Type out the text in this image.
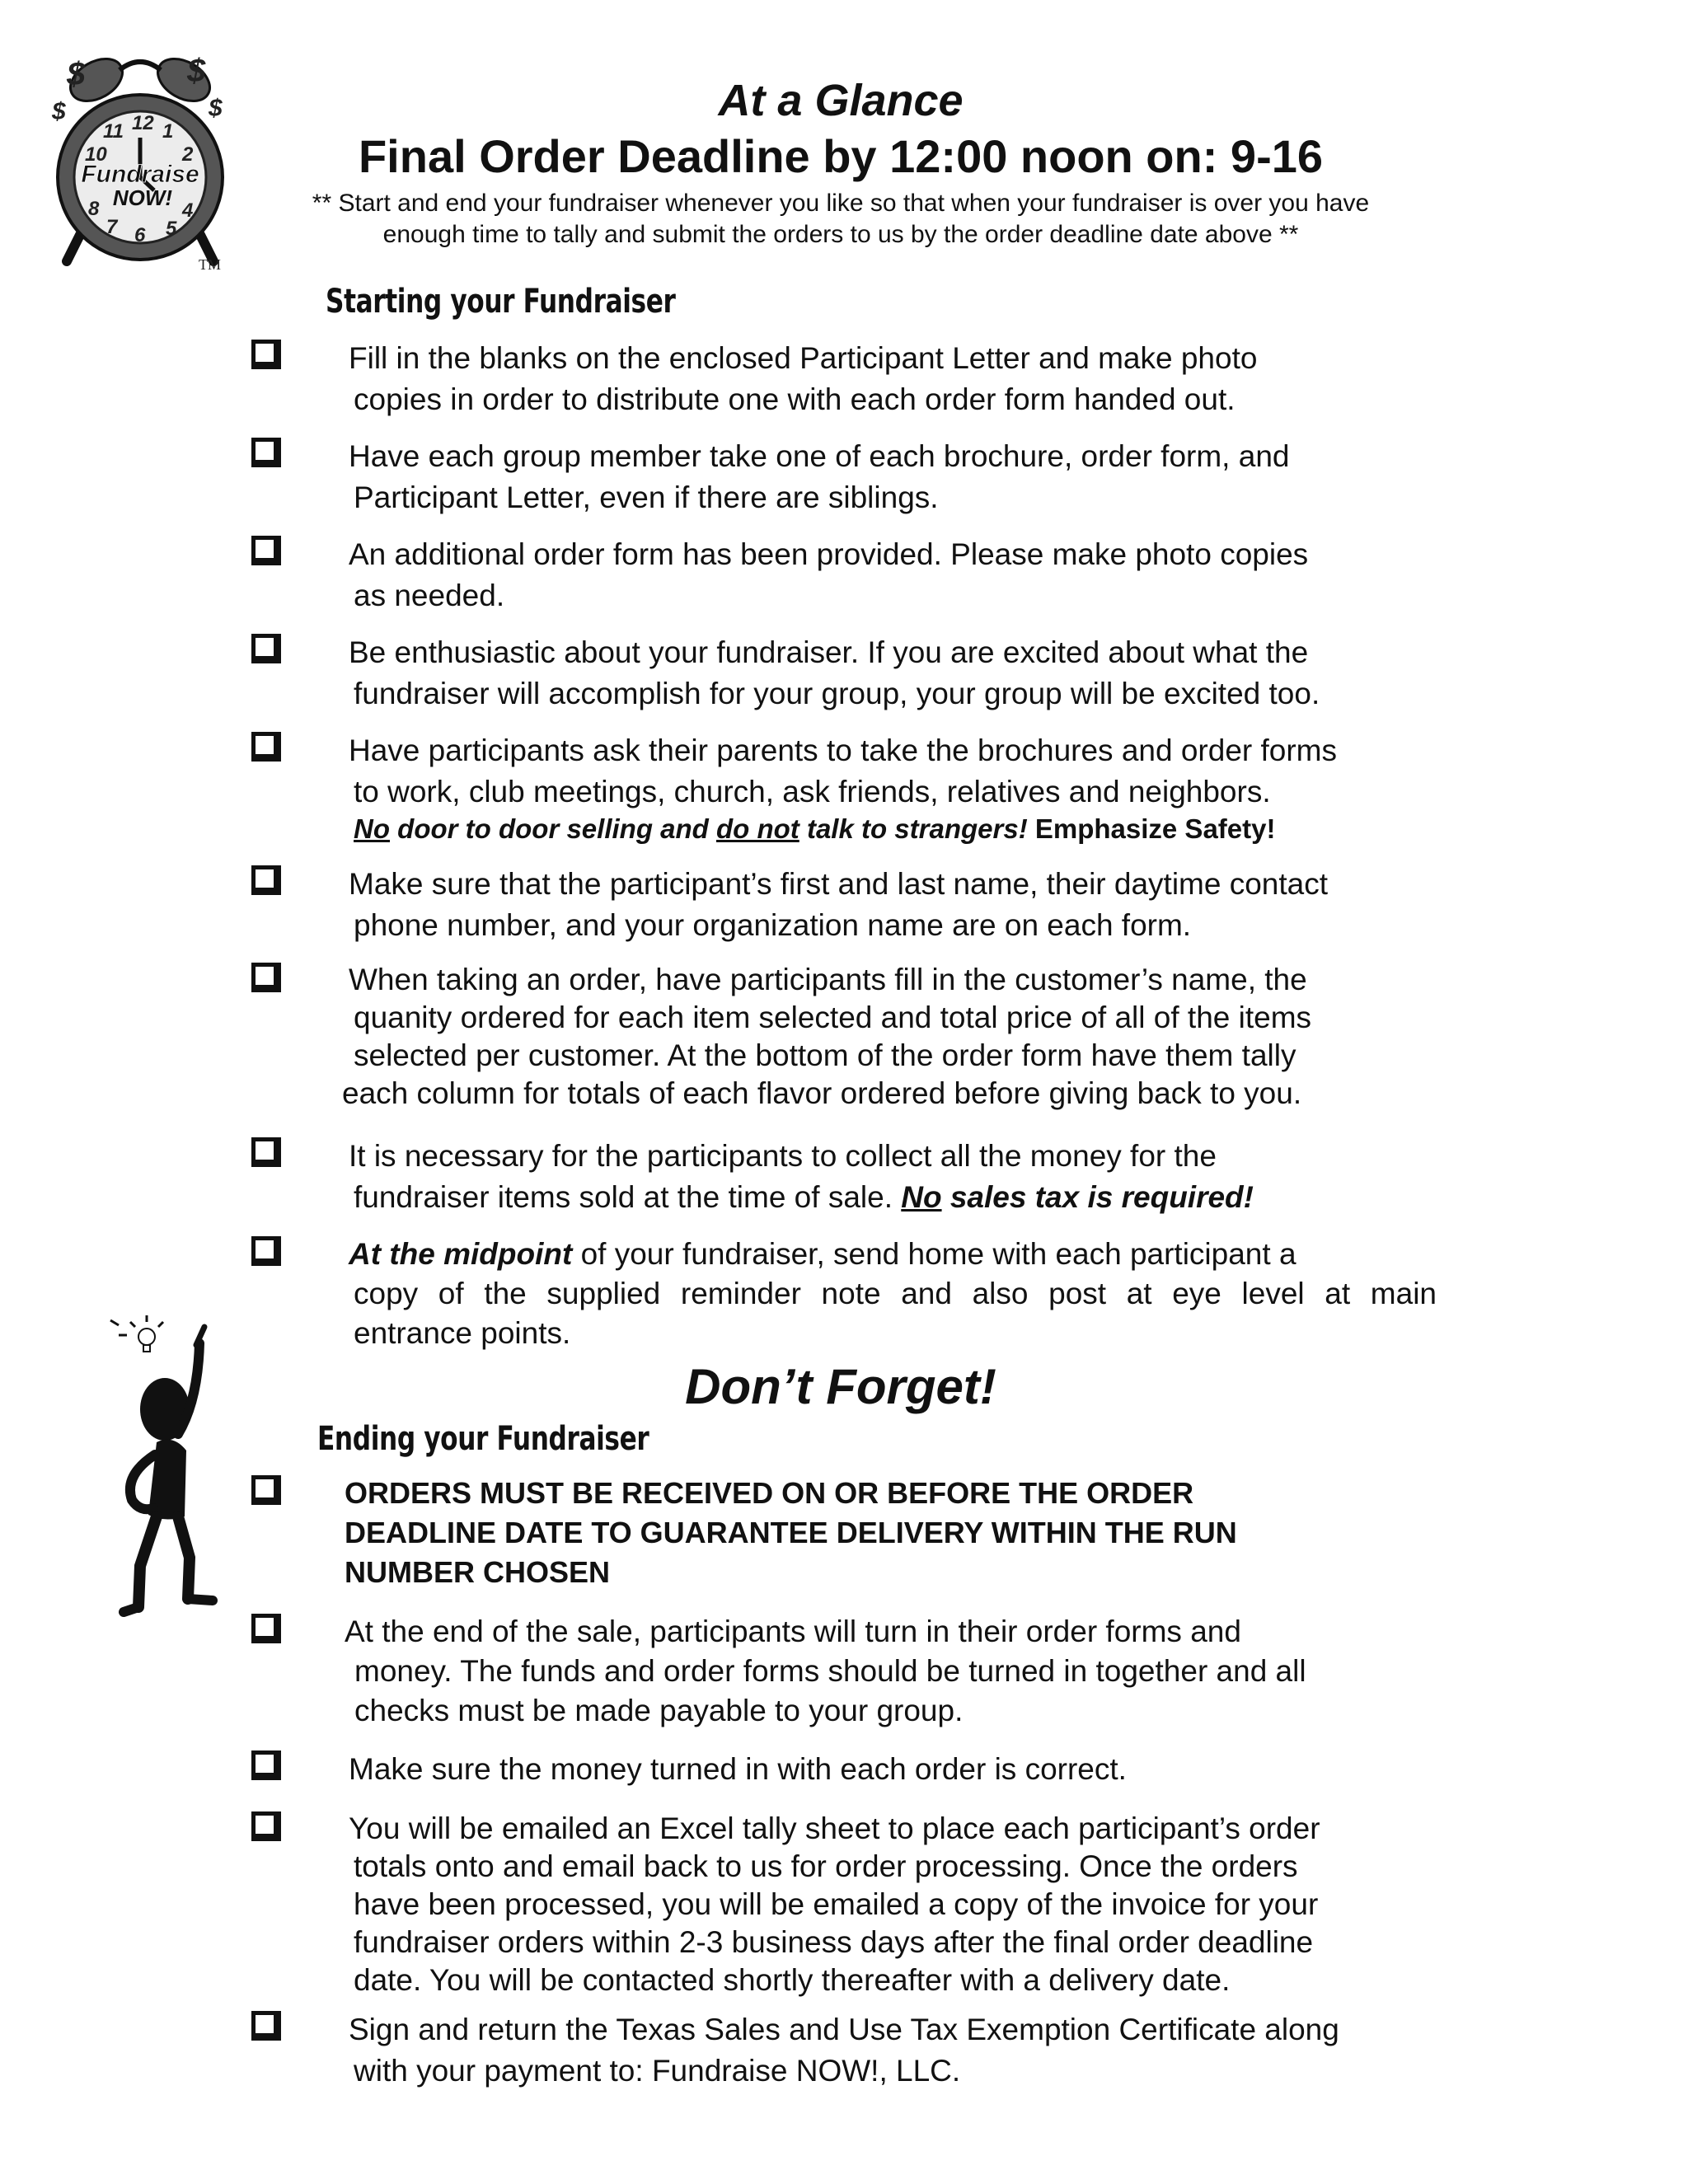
$
$
$
$
12 1
2
4
5
6
7
8
10
11
Fundraise
NOW!
TM
At a Glance
Final Order Deadline by 12:00 noon on: 9-16
** Start and end your fundraiser whenever you like so that when your fundraiser is over you have
enough time to tally and submit the orders to us by the order deadline date above **
Starting your Fundraiser
Fill in the blanks on the enclosed Participant Letter and make photo
copies in order to distribute one with each order form handed out.
Have each group member take one of each brochure, order form, and
Participant Letter, even if there are siblings.
An additional order form has been provided. Please make photo copies
as needed.
Be enthusiastic about your fundraiser. If you are excited about what the
fundraiser will accomplish for your group, your group will be excited too.
Have participants ask their parents to take the brochures and order forms
to work, club meetings, church, ask friends, relatives and neighbors.
No door to door selling and do not talk to strangers! Emphasize Safety!
Make sure that the participant’s first and last name, their daytime contact
phone number, and your organization name are on each form.
When taking an order, have participants fill in the customer’s name, the
quanity ordered for each item selected and total price of all of the items
selected per customer. At the bottom of the order form have them tally
each column for totals of each flavor ordered before giving back to you.
It is necessary for the participants to collect all the money for the
fundraiser items sold at the time of sale. No sales tax is required!
At the midpoint of your fundraiser, send home with each participant a
copy of the supplied reminder note and also post at eye level at main
entrance points.
Don’t Forget!
Ending your Fundraiser
ORDERS MUST BE RECEIVED ON OR BEFORE THE ORDER
DEADLINE DATE TO GUARANTEE DELIVERY WITHIN THE RUN
NUMBER CHOSEN
At the end of the sale, participants will turn in their order forms and
money. The funds and order forms should be turned in together and all
checks must be made payable to your group.
Make sure the money turned in with each order is correct.
You will be emailed an Excel tally sheet to place each participant’s order
totals onto and email back to us for order processing. Once the orders
have been processed, you will be emailed a copy of the invoice for your
fundraiser orders within 2-3 business days after the final order deadline
date. You will be contacted shortly thereafter with a delivery date.
Sign and return the Texas Sales and Use Tax Exemption Certificate along
with your payment to: Fundraise NOW!, LLC.
